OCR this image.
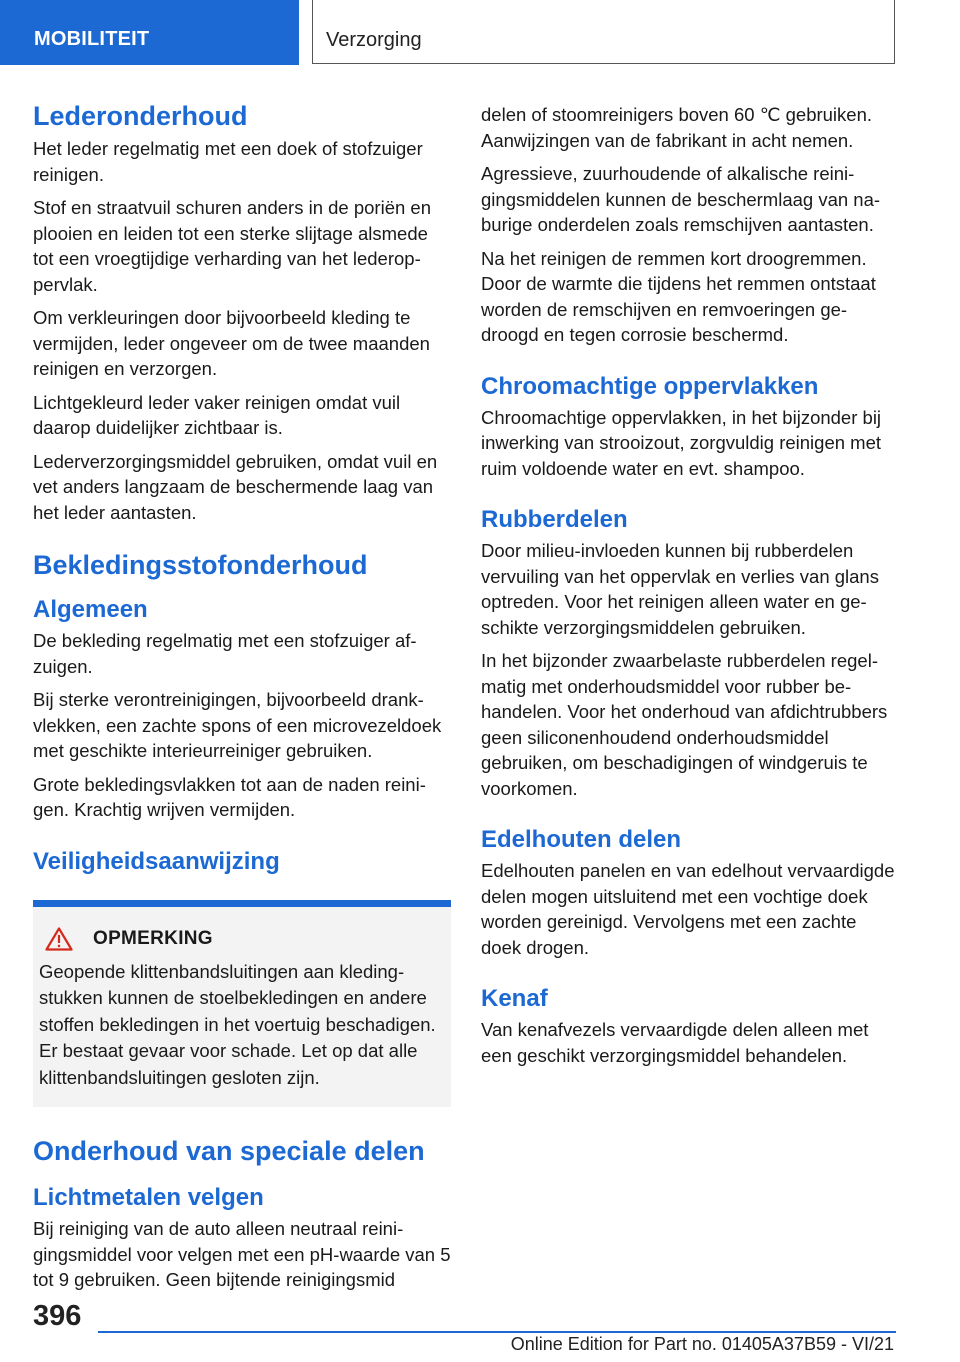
MOBILITEIT	Verzorging
Lederonderhoud
Het leder regelmatig met een doek of stofzuiger reinigen.
Stof en straatvuil schuren anders in de poriën en plooien en leiden tot een sterke slijtage alsmede tot een vroegtijdige verharding van het lederoppervlak.
Om verkleuringen door bijvoorbeeld kleding te vermijden, leder ongeveer om de twee maanden reinigen en verzorgen.
Lichtgekleurd leder vaker reinigen omdat vuil daarop duidelijker zichtbaar is.
Lederverzorgingsmiddel gebruiken, omdat vuil en vet anders langzaam de beschermende laag van het leder aantasten.
Bekledingsstofonderhoud
Algemeen
De bekleding regelmatig met een stofzuiger afzuigen.
Bij sterke verontreinigingen, bijvoorbeeld drankvlekken, een zachte spons of een microvezeldoek met geschikte interieurreiniger gebruiken.
Grote bekledingsvlakken tot aan de naden reinigen. Krachtig wrijven vermijden.
Veiligheidsaanwijzing
OPMERKING
Geopende klittenbandsluitingen aan kledingstukken kunnen de stoelbekledingen en andere stoffen bekledingen in het voertuig beschadigen. Er bestaat gevaar voor schade. Let op dat alle klittenbandsluitingen gesloten zijn.
Onderhoud van speciale delen
Lichtmetalen velgen
Bij reiniging van de auto alleen neutraal reinigingsmiddel voor velgen met een pH-waarde van 5 tot 9 gebruiken. Geen bijtende reinigingsmid
delen of stoomreinigers boven 60 ℃ gebruiken. Aanwijzingen van de fabrikant in acht nemen.
Agressieve, zuurhoudende of alkalische reinigingsmiddelen kunnen de beschermlaag van naburige onderdelen zoals remschijven aantasten.
Na het reinigen de remmen kort droogremmen. Door de warmte die tijdens het remmen ontstaat worden de remschijven en remvoeringen gedroogd en tegen corrosie beschermd.
Chroomachtige oppervlakken
Chroomachtige oppervlakken, in het bijzonder bij inwerking van strooizout, zorgvuldig reinigen met ruim voldoende water en evt. shampoo.
Rubberdelen
Door milieu-invloeden kunnen bij rubberdelen vervuiling van het oppervlak en verlies van glans optreden. Voor het reinigen alleen water en geschikte verzorgingsmiddelen gebruiken.
In het bijzonder zwaarbelaste rubberdelen regelmatig met onderhoudsmiddel voor rubber behandelen. Voor het onderhoud van afdichtrubbers geen siliconenhoudend onderhoudsmiddel gebruiken, om beschadigingen of windgeruis te voorkomen.
Edelhouten delen
Edelhouten panelen en van edelhout vervaardigde delen mogen uitsluitend met een vochtige doek worden gereinigd. Vervolgens met een zachte doek drogen.
Kenaf
Van kenafvezels vervaardigde delen alleen met een geschikt verzorgingsmiddel behandelen.
396
Online Edition for Part no. 01405A37B59 - VI/21
